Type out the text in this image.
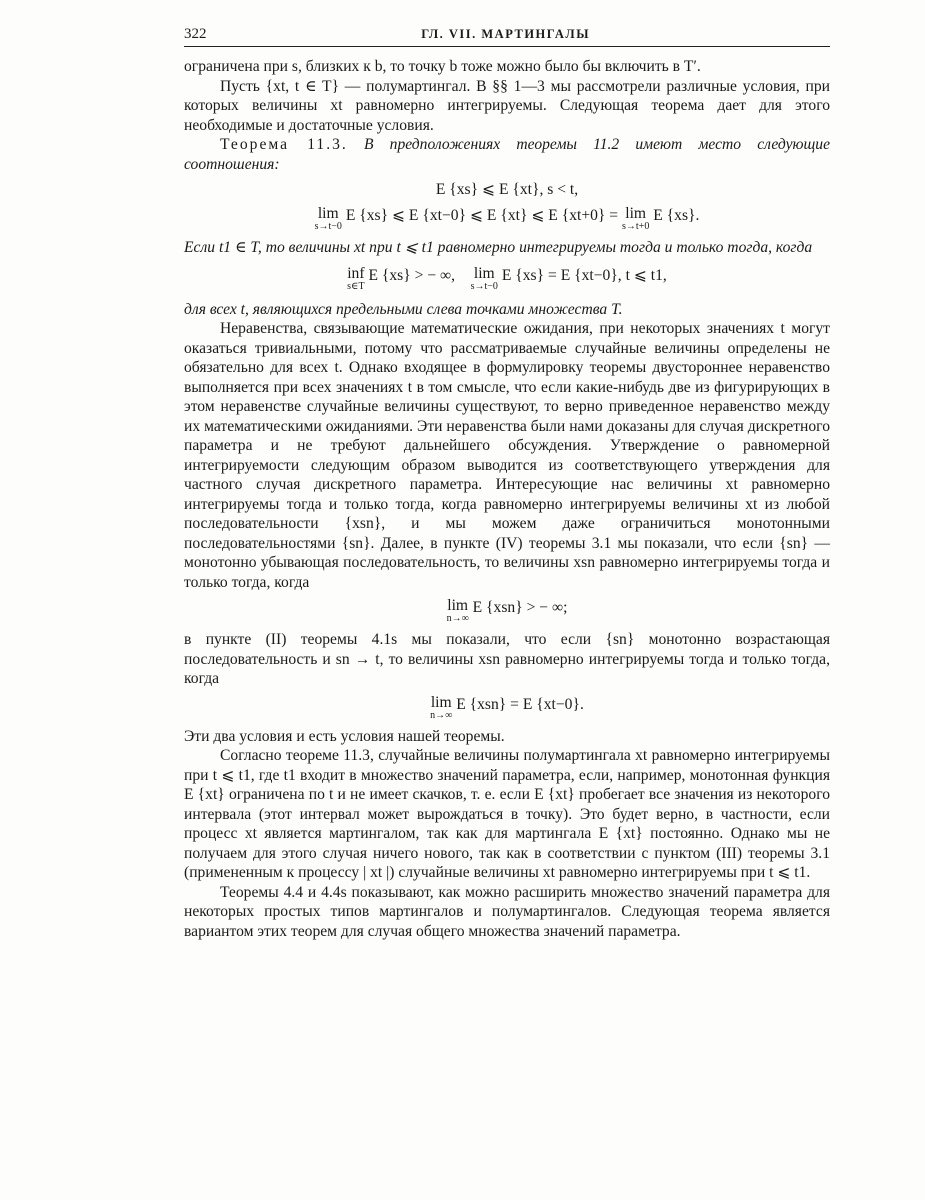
322	ГЛ. VII. МАРТИНГАЛЫ

ограничена при s, близких к b, то точку b тоже можно было бы включить в T′.

Пусть {xt, t ∈ T} — полумартингал. В §§ 1—3 мы рассмотрели различные условия, при которых величины xt равномерно интегрируемы. Следующая теорема дает для этого необходимые и достаточные условия.

Теорема 11.3. В предположениях теоремы 11.2 имеют место следующие соотношения:

E {xs} ⩽ E {xt}, s < t,
lim
s→t−0
E {xs} ⩽ E {xt−0} ⩽ E {xt} ⩽ E {xt+0} = lim
s→t+0
E {xs}.

Если t1 ∈ T, то величины xt при t ⩽ t1 равномерно интегрируемы тогда и только тогда, когда

inf
s∈T
E {xs} > − ∞, lim
s→t−0
E {xs} = E {xt−0}, t ⩽ t1,

для всех t, являющихся предельными слева точками множества T.

Неравенства, связывающие математические ожидания, при некоторых значениях t могут оказаться тривиальными, потому что рассматриваемые случайные величины определены не обязательно для всех t. Однако входящее в формулировку теоремы двустороннее неравенство выполняется при всех значениях t в том смысле, что если какие-нибудь две из фигурирующих в этом неравенстве случайные величины существуют, то верно приведенное неравенство между их математическими ожиданиями. Эти неравенства были нами доказаны для случая дискретного параметра и не требуют дальнейшего обсуждения. Утверждение о равномерной интегрируемости следующим образом выводится из соответствующего утверждения для частного случая дискретного параметра. Интересующие нас величины xt равномерно интегрируемы тогда и только тогда, когда равномерно интегрируемы величины xt из любой последовательности {xsn}, и мы можем даже ограничиться монотонными последовательностями {sn}. Далее, в пункте (IV) теоремы 3.1 мы показали, что если {sn} — монотонно убывающая последовательность, то величины xsn равномерно интегрируемы тогда и только тогда, когда

lim
n→∞
E {xsn} > − ∞;

в пункте (II) теоремы 4.1s мы показали, что если {sn} монотонно возрастающая последовательность и sn → t, то величины xsn равномерно интегрируемы тогда и только тогда, когда

lim
n→∞
E {xsn} = E {xt−0}.

Эти два условия и есть условия нашей теоремы.

Согласно теореме 11.3, случайные величины полумартингала xt равномерно интегрируемы при t ⩽ t1, где t1 входит в множество значений параметра, если, например, монотонная функция E {xt} ограничена по t и не имеет скачков, т. е. если E {xt} пробегает все значения из некоторого интервала (этот интервал может вырождаться в точку). Это будет верно, в частности, если процесс xt является мартингалом, так как для мартингала E {xt} постоянно. Однако мы не получаем для этого случая ничего нового, так как в соответствии с пунктом (III) теоремы 3.1 (примененным к процессу | xt |) случайные величины xt равномерно интегрируемы при t ⩽ t1.

Теоремы 4.4 и 4.4s показывают, как можно расширить множество значений параметра для некоторых простых типов мартингалов и полумартингалов. Следующая теорема является вариантом этих теорем для случая общего множества значений параметра.
